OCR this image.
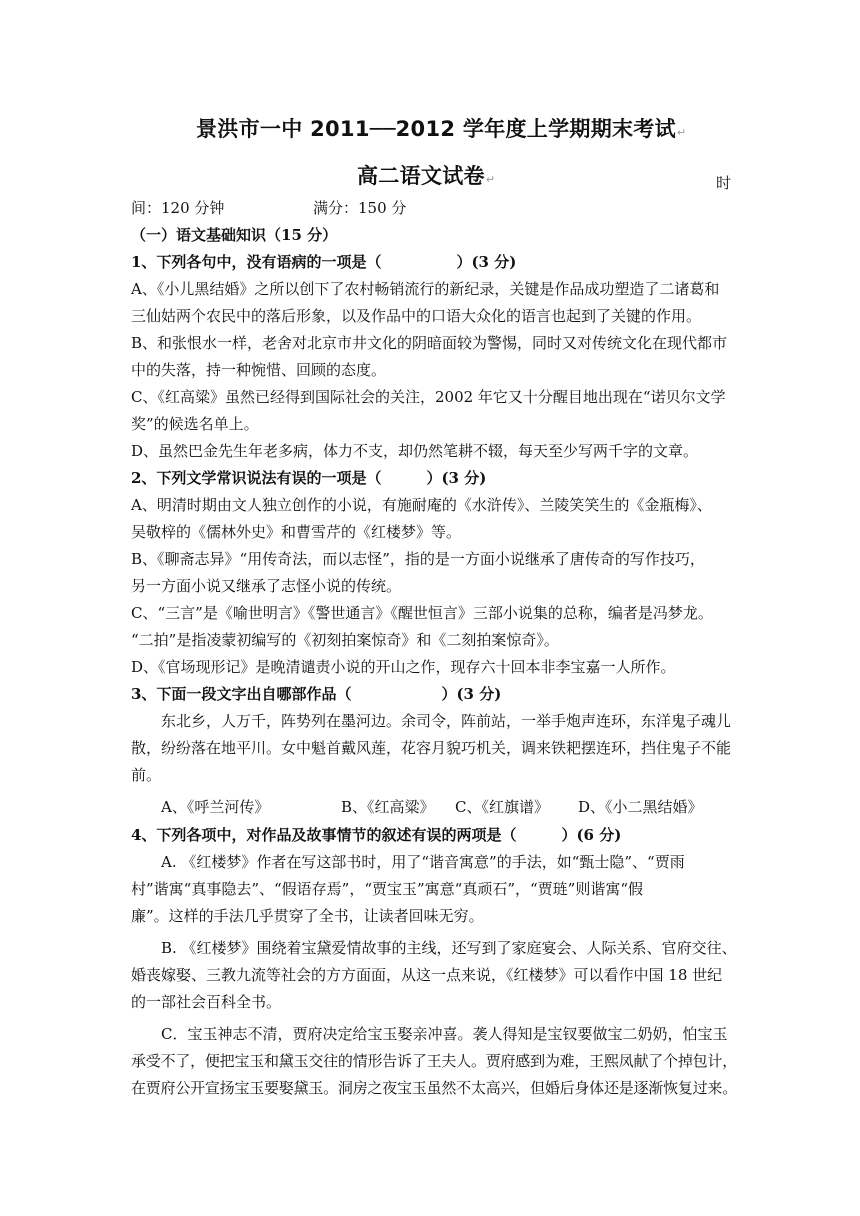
景洪市一中 2011──2012 学年度上学期期末考试↵
高二语文试卷↵	时
间：120 分钟	满分：150 分
（一）语文基础知识（15 分）
1、下列各句中，没有语病的一项是（　　　　　）(3 分)
A、《小儿黑结婚》之所以创下了农村畅销流行的新纪录，关键是作品成功塑造了二诸葛和
三仙姑两个农民中的落后形象，以及作品中的口语大众化的语言也起到了关键的作用。
B、和张恨水一样，老舍对北京市井文化的阴暗面较为警惕，同时又对传统文化在现代都市
中的失落，持一种惋惜、回顾的态度。
C、《红高粱》虽然已经得到国际社会的关注，2002 年它又十分醒目地出现在“诺贝尔文学
奖”的候选名单上。
D、虽然巴金先生年老多病，体力不支，却仍然笔耕不辍，每天至少写两千字的文章。
2、下列文学常识说法有误的一项是（　　　）(3 分)
A、明清时期由文人独立创作的小说，有施耐庵的《水浒传》、兰陵笑笑生的《金瓶梅》、
吴敬梓的《儒林外史》和曹雪芹的《红楼梦》等。
B、《聊斋志异》“用传奇法，而以志怪”，指的是一方面小说继承了唐传奇的写作技巧，
另一方面小说又继承了志怪小说的传统。
C、“三言”是《喻世明言》《警世通言》《醒世恒言》三部小说集的总称，编者是冯梦龙。
“二拍”是指凌蒙初编写的《初刻拍案惊奇》和《二刻拍案惊奇》。
D、《官场现形记》是晚清谴责小说的开山之作，现存六十回本非李宝嘉一人所作。
3、下面一段文字出自哪部作品（　　　　　　）(3 分)
东北乡，人万千，阵势列在墨河边。余司令，阵前站，一举手炮声连环，东洋鬼子魂儿
散，纷纷落在地平川。女中魁首戴风莲，花容月貌巧机关，调来铁耙摆连环，挡住鬼子不能
前。
A、《呼兰河传》	B、《红高粱》 C、《红旗谱》 D、《小二黑结婚》
4、下列各项中，对作品及故事情节的叙述有误的两项是（　　　）(6 分)
A. 《红楼梦》作者在写这部书时，用了“谐音寓意”的手法，如“甄士隐”、“贾雨
村”谐寓“真事隐去”、“假语存焉”，“贾宝玉”寓意“真顽石”，“贾琏”则谐寓“假
廉”。这样的手法几乎贯穿了全书，让读者回味无穷。
B. 《红楼梦》围绕着宝黛爱情故事的主线，还写到了家庭宴会、人际关系、官府交往、
婚丧嫁娶、三教九流等社会的方方面面，从这一点来说，《红楼梦》可以看作中国 18 世纪
的一部社会百科全书。
C．宝玉神志不清，贾府决定给宝玉娶亲冲喜。袭人得知是宝钗要做宝二奶奶，怕宝玉
承受不了，便把宝玉和黛玉交往的情形告诉了王夫人。贾府感到为难，王熙凤献了个掉包计，
在贾府公开宣扬宝玉要娶黛玉。洞房之夜宝玉虽然不太高兴，但婚后身体还是逐渐恢复过来。
